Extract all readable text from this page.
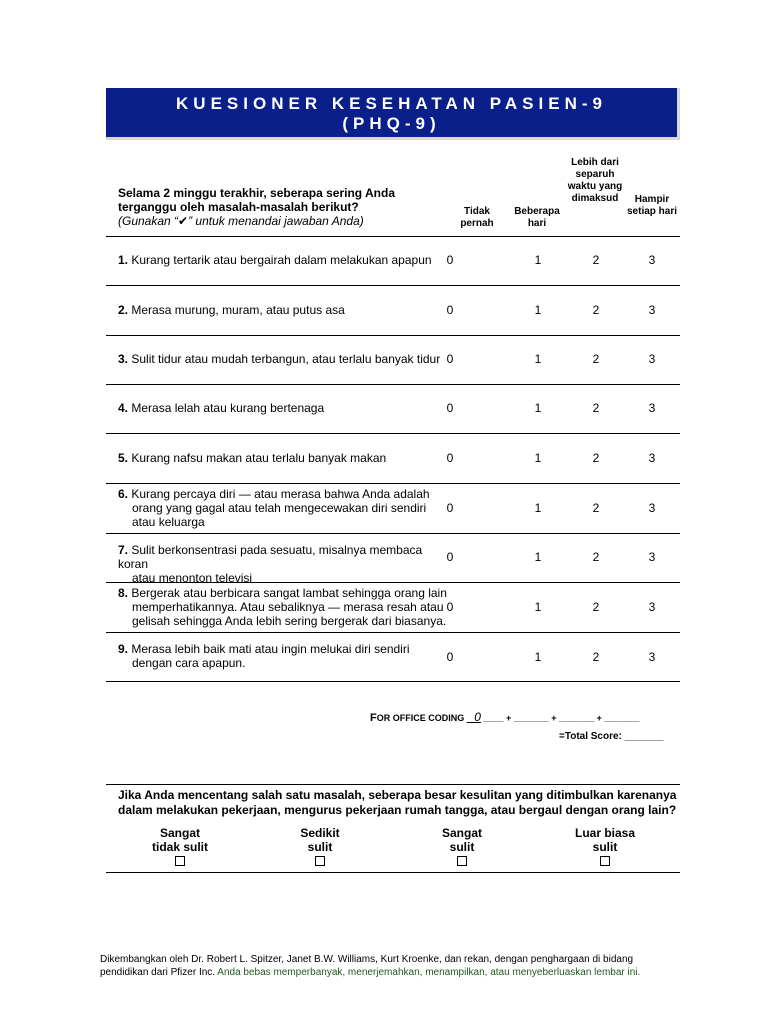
KUESIONER KESEHATAN PASIEN-9
(PHQ-9)
Selama 2 minggu terakhir, seberapa sering Anda terganggu oleh masalah-masalah berikut?
(Gunakan “✔” untuk menandai jawaban Anda)
Tidak pernah
Beberapa hari
Lebih dari separuh waktu yang dimaksud	Hampir setiap hari
1. Kurang tertarik atau bergairah dalam melakukan apapun	0	1	2	3
2. Merasa murung, muram, atau putus asa	0	1	2	3
3. Sulit tidur atau mudah terbangun, atau terlalu banyak tidur 0	1	2	3
4. Merasa lelah atau kurang bertenaga	0	1	2	3
5. Kurang nafsu makan atau terlalu banyak makan	0	1	2	3
6. Kurang percaya diri — atau merasa bahwa Anda adalah
orang yang gagal atau telah mengecewakan diri sendiri
atau keluarga
0	1	2	3
7. Sulit berkonsentrasi pada sesuatu, misalnya membaca koran
atau menonton televisi
0	1	2	3
8. Bergerak atau berbicara sangat lambat sehingga orang lain
memperhatikannya. Atau sebaliknya — merasa resah atau
gelisah sehingga Anda lebih sering bergerak dari biasanya.
0	1	2	3
9. Merasa lebih baik mati atau ingin melukai diri sendiri
dengan cara apapun.	0	1	2	3
FOR OFFICE CODING 0 ____ + _______ + _______ + _______
=Total Score: _______
Jika Anda mencentang salah satu masalah, seberapa besar kesulitan yang ditimbulkan karenanya dalam melakukan pekerjaan, mengurus pekerjaan rumah tangga, atau bergaul dengan orang lain?
Sangat
tidak sulit
Sedikit
sulit
Sangat
sulit
Luar biasa
sulit
Dikembangkan oleh Dr. Robert L. Spitzer, Janet B.W. Williams, Kurt Kroenke, dan rekan, dengan penghargaan di bidang pendidikan dari Pfizer Inc. Anda bebas memperbanyak, menerjemahkan, menampilkan, atau menyeberluaskan lembar ini.
